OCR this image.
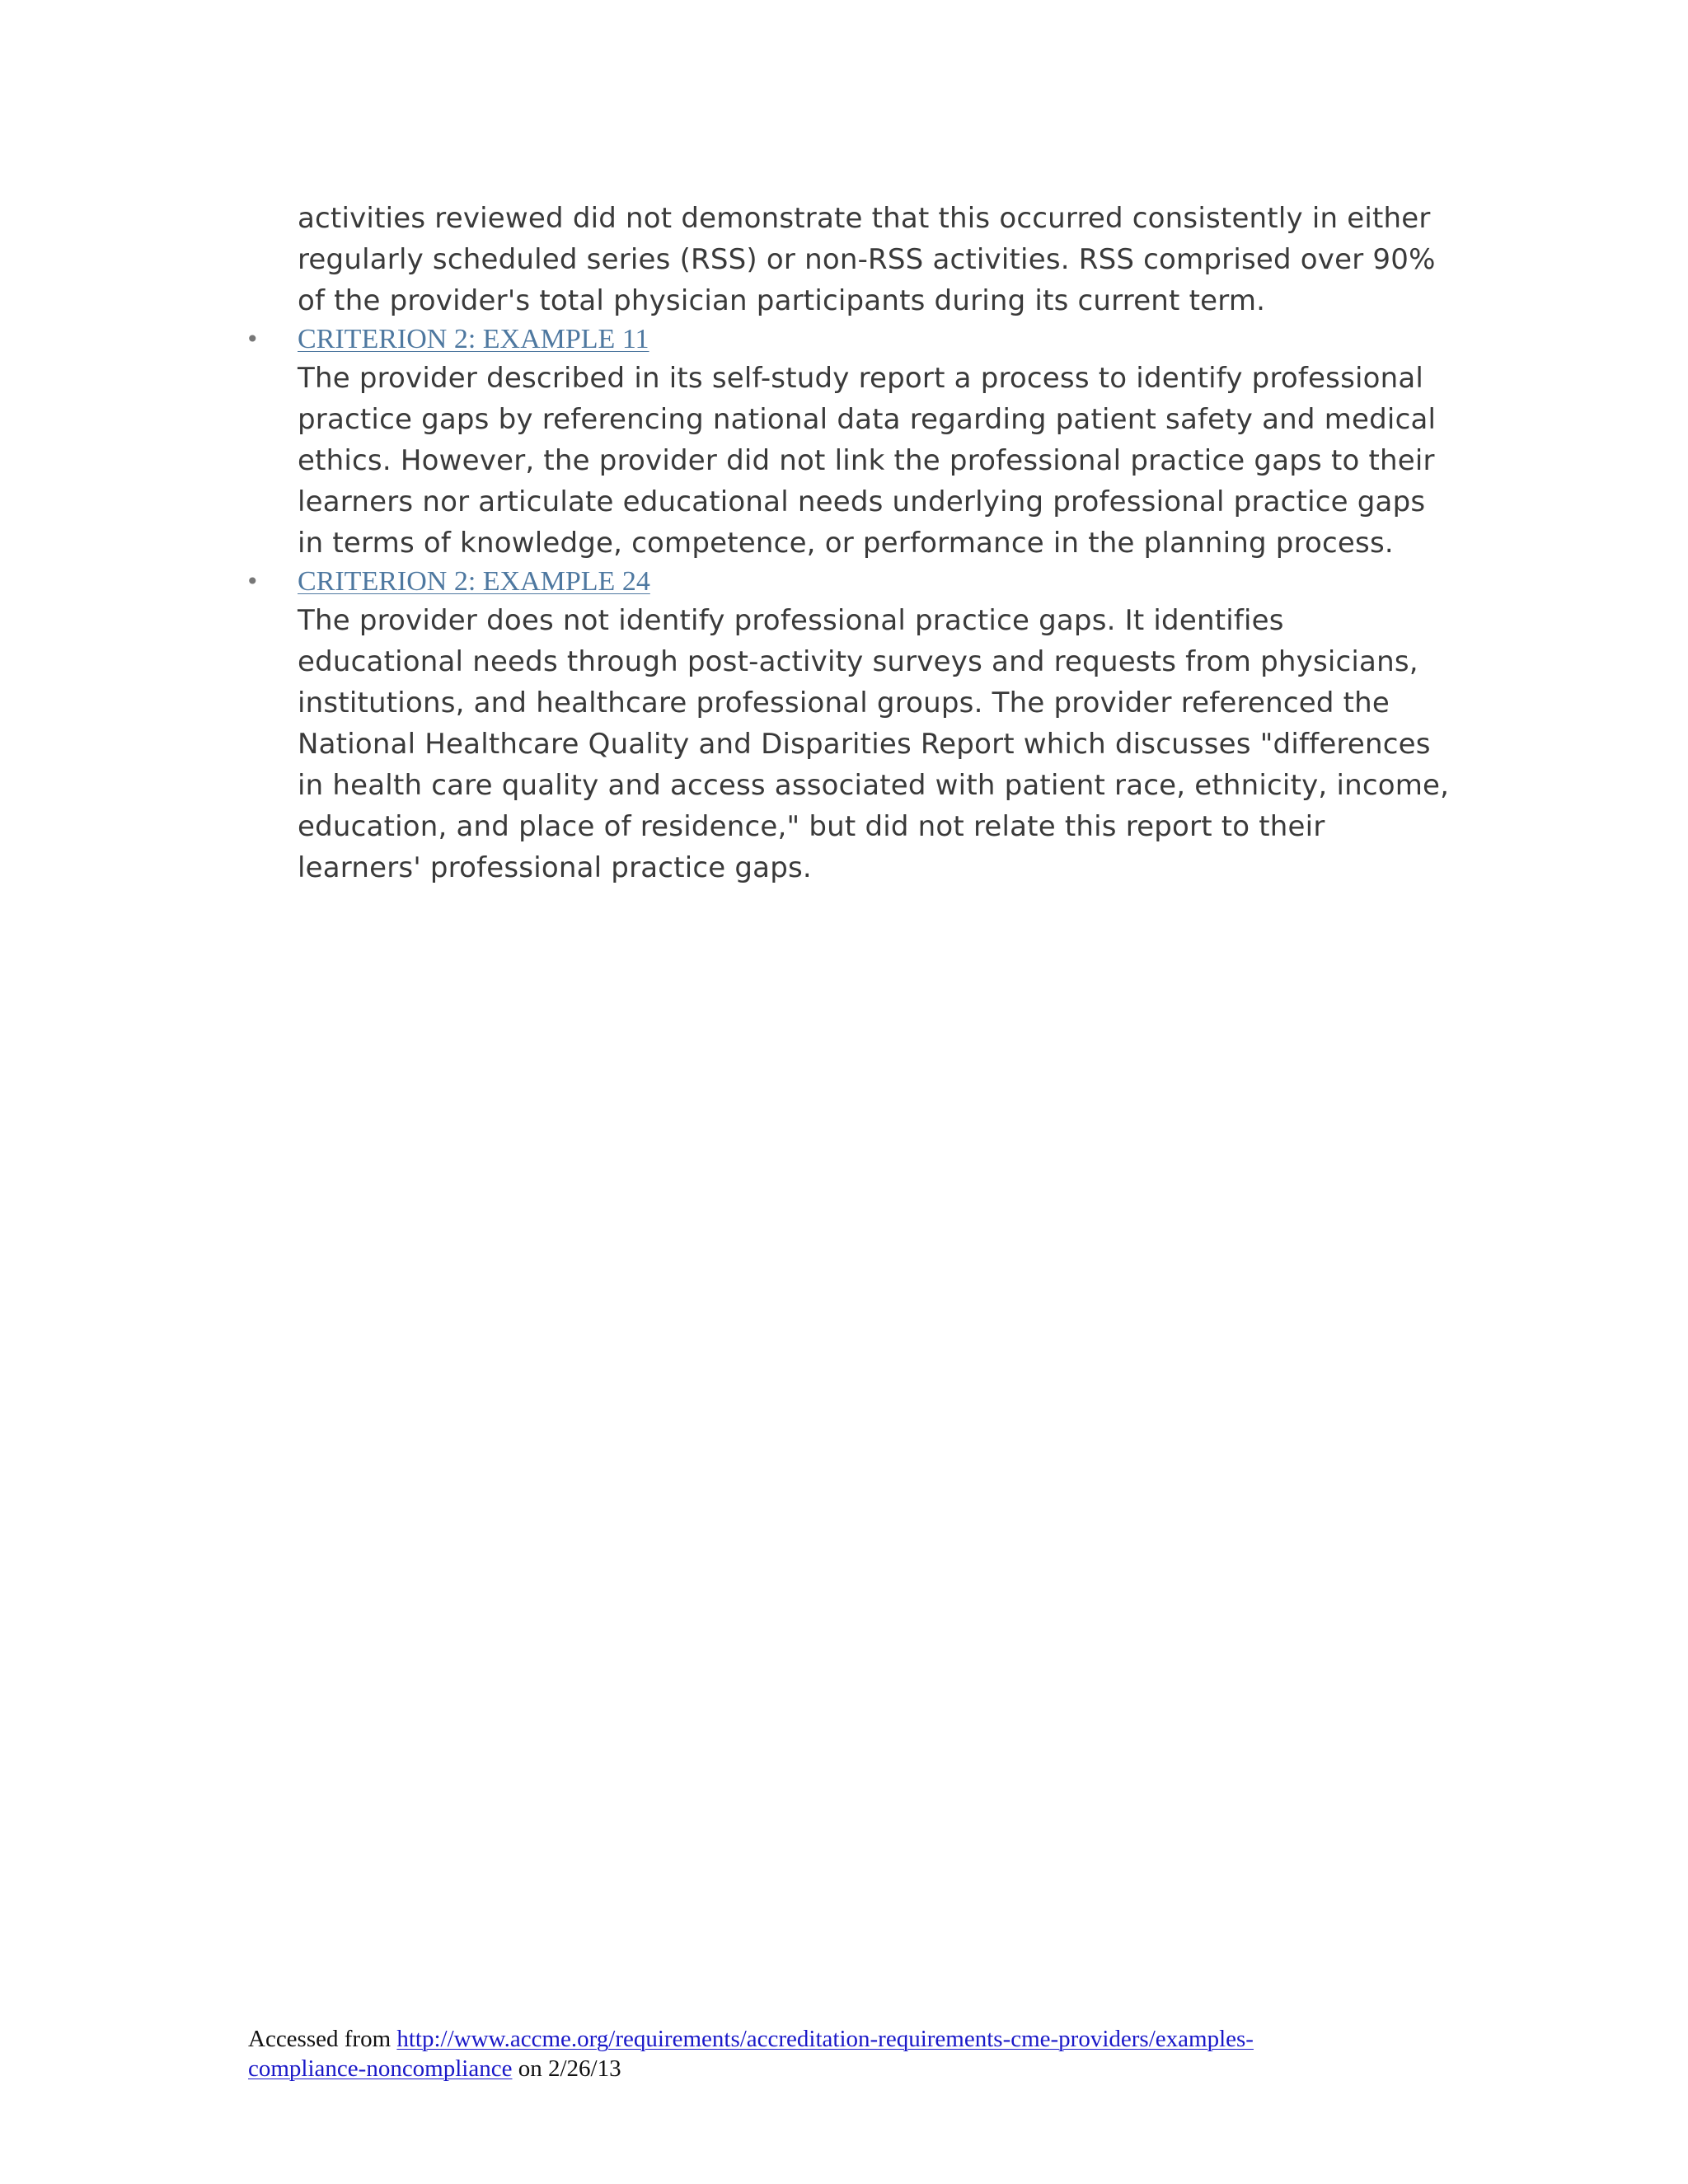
activities reviewed did not demonstrate that this occurred consistently in either regularly scheduled series (RSS) or non-RSS activities. RSS comprised over 90% of the provider's total physician participants during its current term.

• CRITERION 2: EXAMPLE 11

The provider described in its self-study report a process to identify professional practice gaps by referencing national data regarding patient safety and medical ethics. However, the provider did not link the professional practice gaps to their learners nor articulate educational needs underlying professional practice gaps in terms of knowledge, competence, or performance in the planning process.

• CRITERION 2: EXAMPLE 24

The provider does not identify professional practice gaps. It identifies educational needs through post-activity surveys and requests from physicians, institutions, and healthcare professional groups. The provider referenced the National Healthcare Quality and Disparities Report which discusses "differences in health care quality and access associated with patient race, ethnicity, income, education, and place of residence," but did not relate this report to their learners' professional practice gaps.

Accessed from http://www.accme.org/requirements/accreditation-requirements-cme-providers/examples-
compliance-noncompliance on 2/26/13
